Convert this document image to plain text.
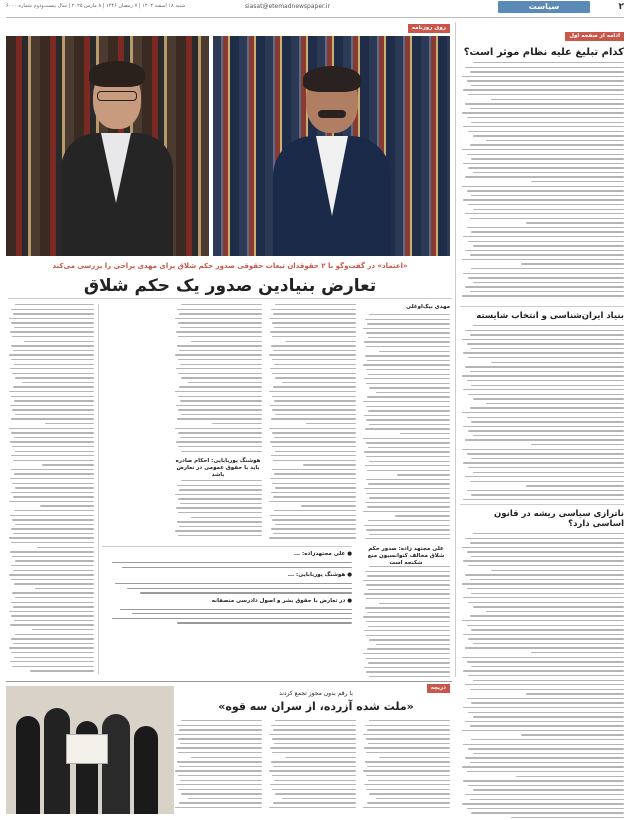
۲
سیاست
siasat@etemadnewspaper.ir
شنبه ۱۸ اسفند ۱۴۰۳ | ۷ رمضان ۱۴۴۶ | ۸ مارس ۲۰۲۵ | سال بیست‌ودوم شماره ۶۰۰۰
ادامه از صفحه اول
کدام تبلیغ علیه نظام موثر است؟
بنیاد ایران‌شناسی و انتخاب شایسته
ناترازی سیاسی ریشه در قانون اساسی دارد؟
روی روزنامه
«اعتماد» در گفت‌وگو با ۲ حقوقدان تبعات حقوقی صدور حکم شلاق برای مهدی یراحی را بررسی می‌کند
تعارض بنیادین صدور یک حکم شلاق
مهدی بیک‌اوغلی
هوشنگ پوربابایی: احکام صادره باید با حقوق عمومی در تعارض باشد
علی مجتهد زاده: صدور حکم شلاق مخالف کنوانسیون منع شکنجه است
● علی مجتهدزاده: ...
● هوشنگ پوربابایی: ...
● در تعارض با حقوق بشر و اصول دادرسی منصفانه
دریچه
با رقم بدون مجوز تجمع کردند
«ملت شده آزرده، از سران سه قوه»
